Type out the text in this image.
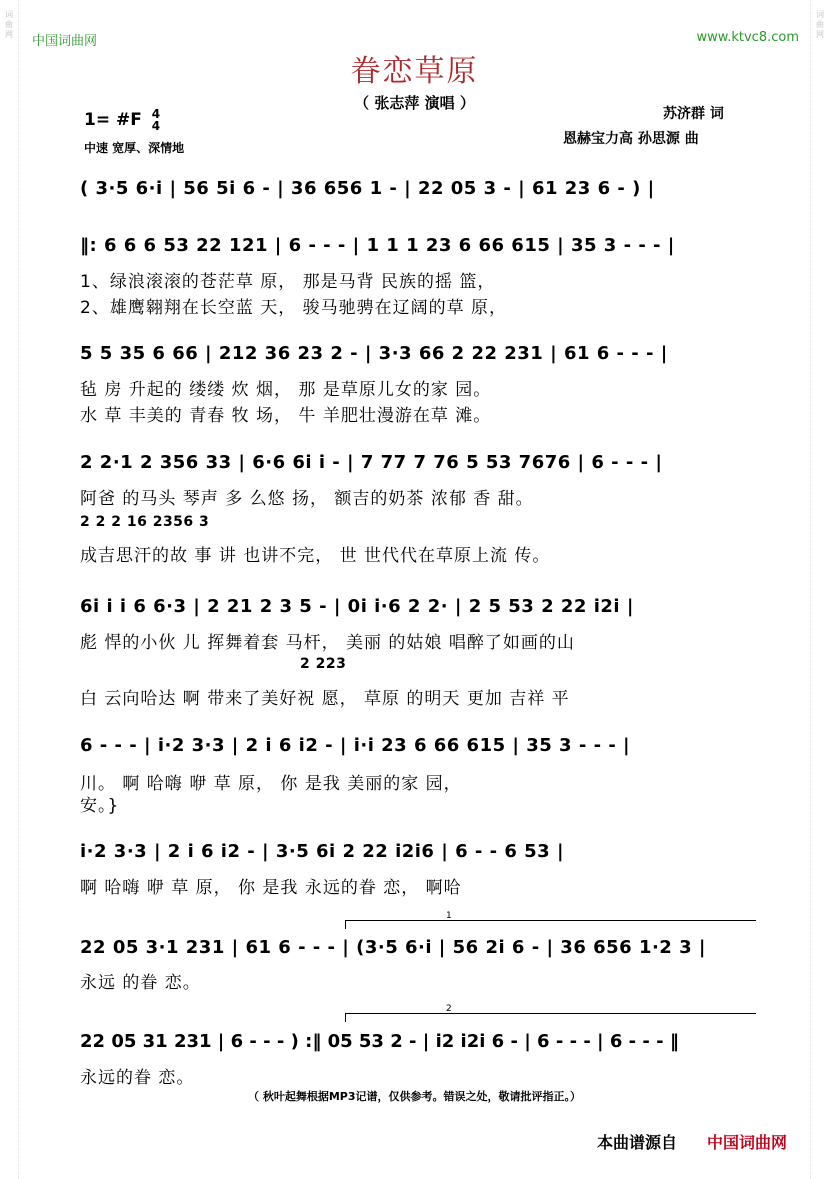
词
曲
网

词
曲
网

中国词曲网	www.ktvc8.com
眷恋草原
（ 张志萍 演唱 ）
1= #F 4
4
中速 宽厚、深情地
苏济群 词
恩赫宝力高 孙思源 曲
( 3·5 6·i | 56 5i 6 - | 36 656 1 - | 22 05 3 - | 61 23 6 - ) |
‖: 6 6 6 53 22 121 | 6 - - - | 1 1 1 23 6 66 615 | 35 3 - - - |
1、绿浪滚滚的苍茫草 原， 那是马背 民族的摇 篮，
2、雄鹰翱翔在长空蓝 天， 骏马驰骋在辽阔的草 原，
5 5 35 6 66 | 212 36 23 2 - | 3·3 66 2 22 231 | 61 6 - - - |
毡 房 升起的 缕缕 炊 烟， 那 是草原儿女的家 园。
水 草 丰美的 青春 牧 场， 牛 羊肥壮漫游在草 滩。
2 2·1 2 356 33 | 6·6 6i i - | 7 77 7 76 5 53 7676 | 6 - - - |
阿爸 的马头 琴声 多 么悠 扬， 额吉的奶茶 浓郁 香 甜。
2 2 2 16 2356 3
成吉思汗的故 事 讲 也讲不完， 世 世代代在草原上流 传。
6i i i 6 6·3 | 2 21 2 3 5 - | 0i i·6 2 2· | 2 5 53 2 22 i2i |
彪 悍的小伙 儿 挥舞着套 马杆， 美丽 的姑娘 唱醉了如画的山
2 223
白 云向哈达 啊 带来了美好祝 愿， 草原 的明天 更加 吉祥 平
6 - - - | i·2 3·3 | 2 i 6 i2 - | i·i 23 6 66 615 | 35 3 - - - |
川。 啊 哈嗨 咿 草 原， 你 是我 美丽的家 园，
安。}
i·2 3·3 | 2 i 6 i2 - | 3·5 6i 2 22 i2i6 | 6 - - 6 53 |
啊 哈嗨 咿 草 原， 你 是我 永远的眷 恋， 啊哈
1
22 05 3·1 231 | 61 6 - - - | (3·5 6·i | 56 2i 6 - | 36 656 1·2 3 |
永远 的眷 恋。
2
22 05 31 231 | 6 - - - ) :‖ 05 53 2 - | i2 i2i 6 - | 6 - - - | 6 - - - ‖
永远的眷 恋。
（ 秋叶起舞根据MP3记谱，仅供参考。错误之处，敬请批评指正。）
本曲谱源自 中国词曲网
